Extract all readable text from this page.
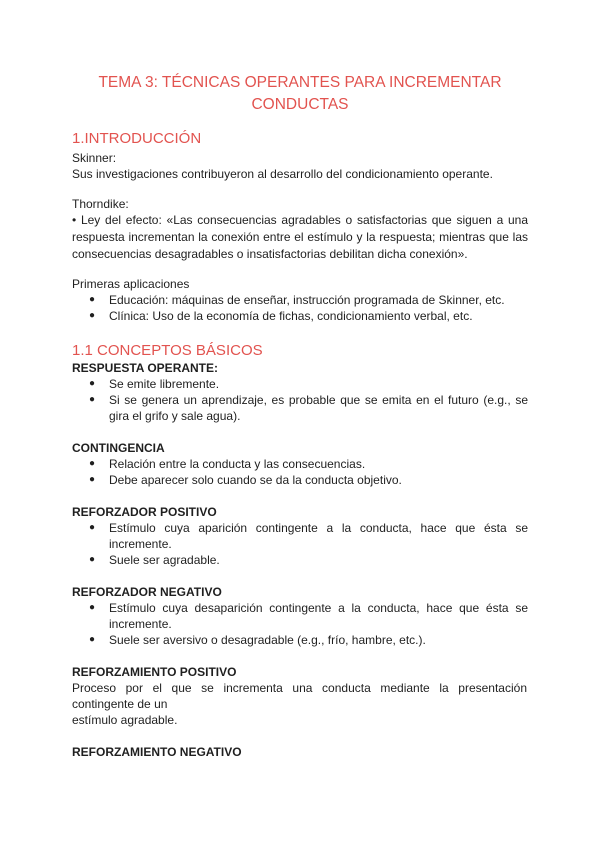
TEMA 3: TÉCNICAS OPERANTES PARA INCREMENTAR
CONDUCTAS
1.INTRODUCCIÓN

Skinner:

Sus investigaciones contribuyeron al desarrollo del condicionamiento operante.

Thorndike:

• Ley del efecto: «Las consecuencias agradables o satisfactorias que siguen a una respuesta incrementan la conexión entre el estímulo y la respuesta; mientras que las consecuencias desagradables o insatisfactorias debilitan dicha conexión».

Primeras aplicaciones

● Educación: máquinas de enseñar, instrucción programada de Skinner, etc.
● Clínica: Uso de la economía de fichas, condicionamiento verbal, etc.
1.1 CONCEPTOS BÁSICOS

RESPUESTA OPERANTE:

● Se emite libremente.
● Si se genera un aprendizaje, es probable que se emita en el futuro (e.g., se gira el grifo y sale agua).

CONTINGENCIA

● Relación entre la conducta y las consecuencias.
● Debe aparecer solo cuando se da la conducta objetivo.

REFORZADOR POSITIVO

● Estímulo cuya aparición contingente a la conducta, hace que ésta se incremente.
● Suele ser agradable.

REFORZADOR NEGATIVO

● Estímulo cuya desaparición contingente a la conducta, hace que ésta se incremente.
● Suele ser aversivo o desagradable (e.g., frío, hambre, etc.).

REFORZAMIENTO POSITIVO

Proceso por el que se incrementa una conducta mediante la presentación contingente de un

estímulo agradable.

REFORZAMIENTO NEGATIVO
